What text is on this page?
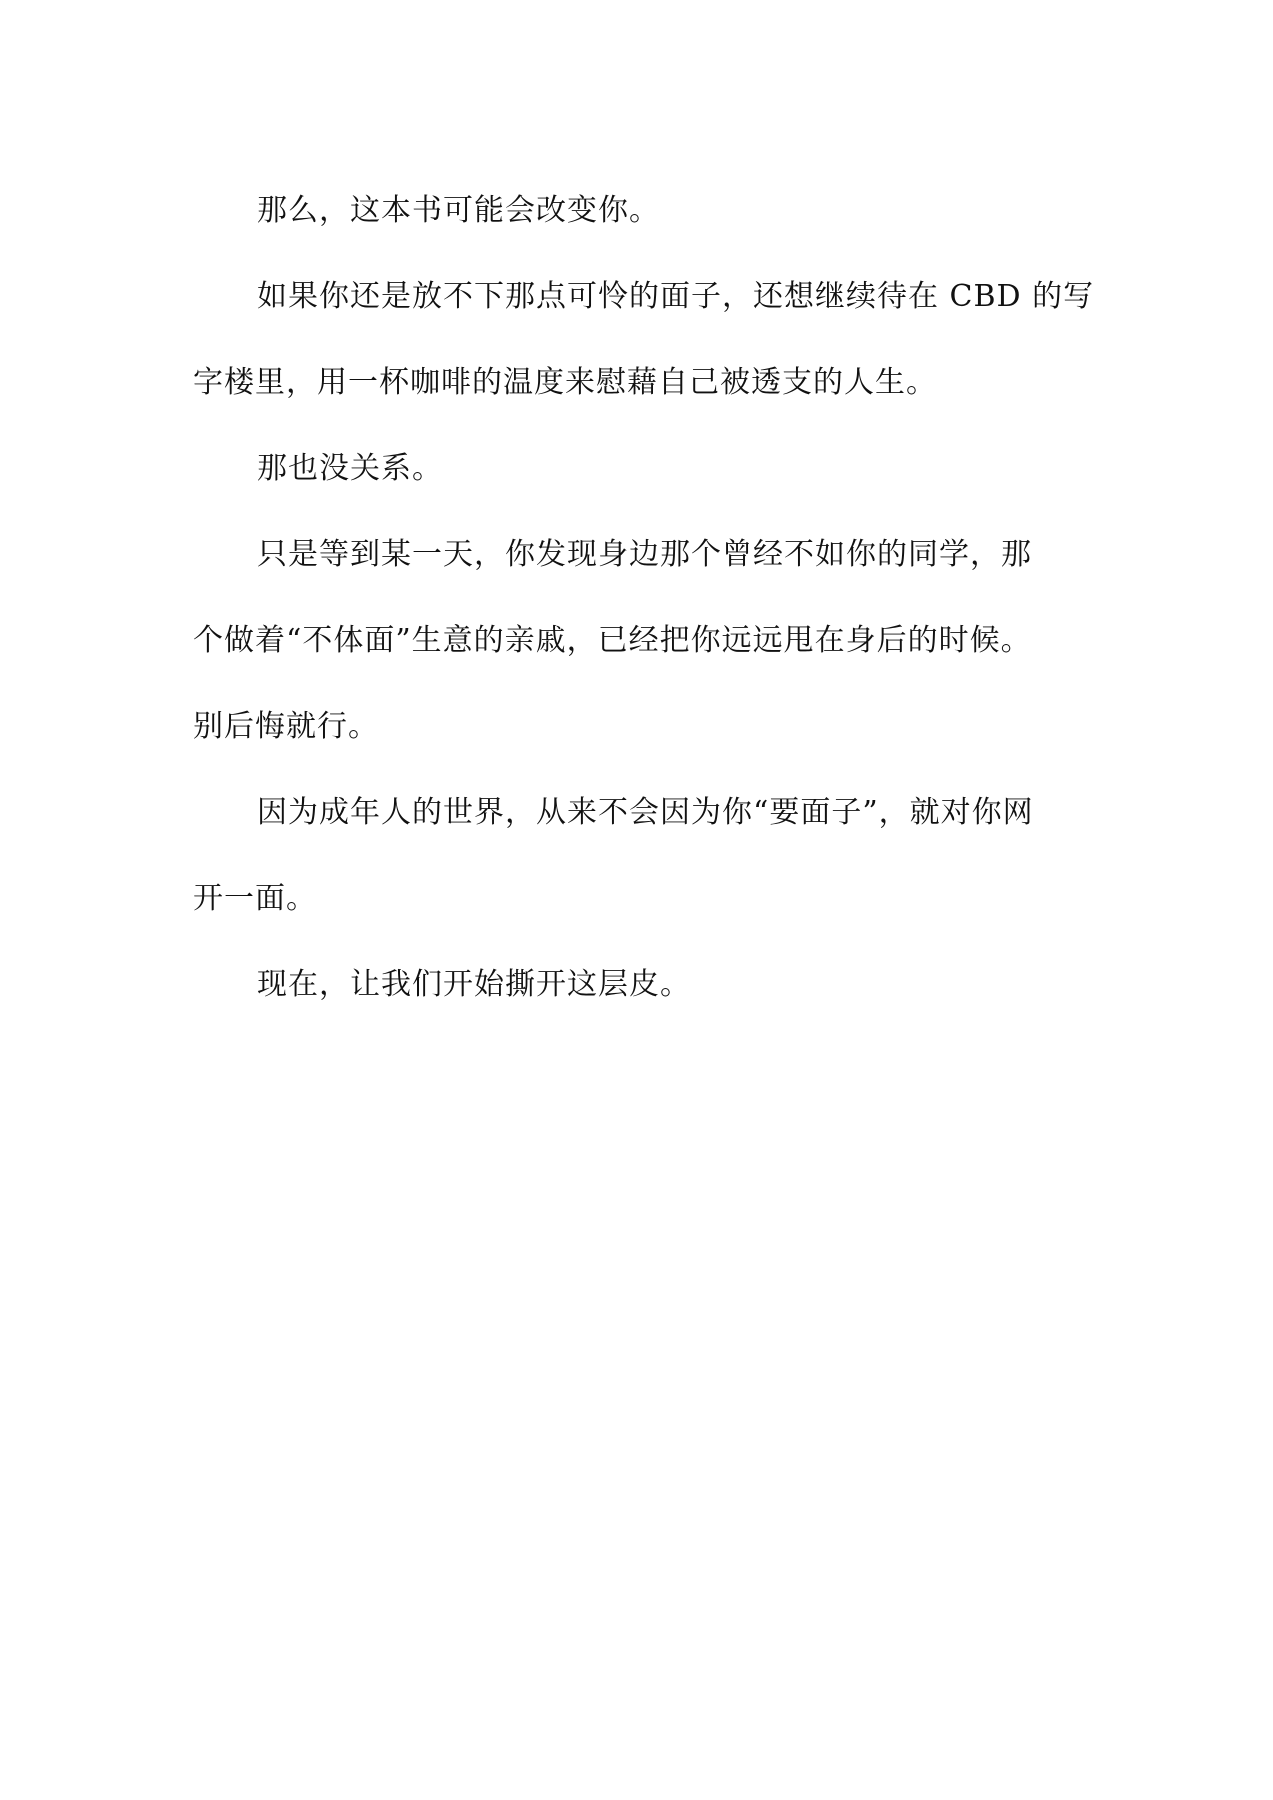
那么，这本书可能会改变你。
如果你还是放不下那点可怜的面子，还想继续待在 CBD 的写
字楼里，用一杯咖啡的温度来慰藉自己被透支的人生。
那也没关系。
只是等到某一天，你发现身边那个曾经不如你的同学，那
个做着“不体面”生意的亲戚，已经把你远远甩在身后的时候。
别后悔就行。
因为成年人的世界，从来不会因为你“要面子”，就对你网
开一面。
现在，让我们开始撕开这层皮。
